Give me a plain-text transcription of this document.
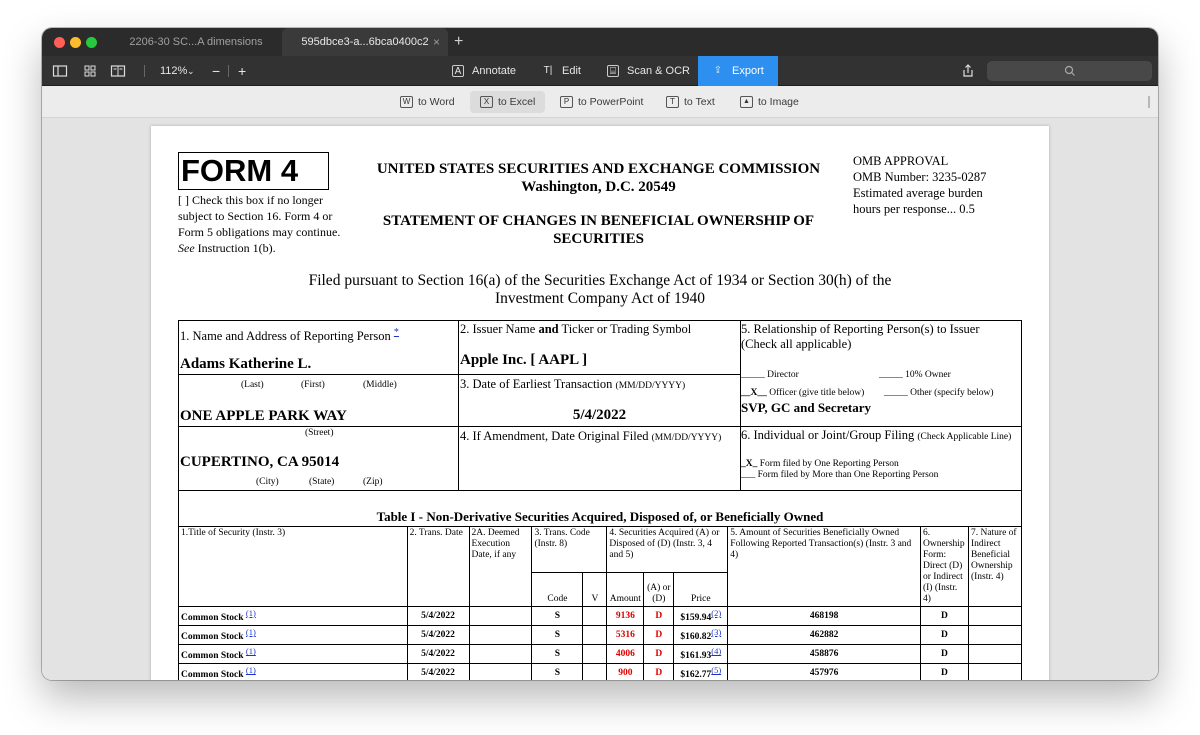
2206-30 SC...A dimensions	595dbce3-a...6bca0400c2 × +
112% ⌄ − +	A Annotate	T| Edit	⌸ Scan & OCR ⇪ Export
W to Word	X to Excel	P to PowerPoint	T to Text	▲ to Image
FORM 4
[ ] Check this box if no longer subject to Section 16. Form 4 or Form 5 obligations may continue. See Instruction 1(b).
UNITED STATES SECURITIES AND EXCHANGE COMMISSION
Washington, D.C. 20549
STATEMENT OF CHANGES IN BENEFICIAL OWNERSHIP OF SECURITIES
OMB APPROVAL
OMB Number: 3235-0287
Estimated average burden
hours per response... 0.5
Filed pursuant to Section 16(a) of the Securities Exchange Act of 1934 or Section 30(h) of the Investment Company Act of 1940
1. Name and Address of Reporting Person *
Adams Katherine L.
(Last)	(First)	(Middle)
ONE APPLE PARK WAY
(Street)
CUPERTINO, CA 95014
(City)	(State)	(Zip)
2. Issuer Name and Ticker or Trading Symbol
Apple Inc. [ AAPL ]
3. Date of Earliest Transaction (MM/DD/YYYY)
5/4/2022
4. If Amendment, Date Original Filed (MM/DD/YYYY)
5. Relationship of Reporting Person(s) to Issuer
(Check all applicable)
_____ Director	_____ 10% Owner
__X__ Officer (give title below) _____ Other (specify below)
SVP, GC and Secretary
6. Individual or Joint/Group Filing (Check Applicable Line)
_X_ Form filed by One Reporting Person
___ Form filed by More than One Reporting Person
Table I - Non-Derivative Securities Acquired, Disposed of, or Beneficially Owned
1.Title of Security (Instr. 3)	2. Trans. Date	2A. Deemed Execution Date, if any	3. Trans. Code (Instr. 8)		4. Securities Acquired (A) or Disposed of (D) (Instr. 3, 4 and 5)			5. Amount of Securities Beneficially Owned Following Reported Transaction(s) (Instr. 3 and 4)	6. Ownership Form: Direct (D) or Indirect (I) (Instr. 4)	7. Nature of Indirect Beneficial Ownership (Instr. 4)
			Code	V	Amount	(A) or (D)	Price			
Common Stock (1)	5/4/2022		S		9136	D	$159.94(2)	468198	D	
Common Stock (1)	5/4/2022		S		5316	D	$160.82(3)	462882	D	
Common Stock (1)	5/4/2022		S		4006	D	$161.93(4)	458876	D	
Common Stock (1)	5/4/2022		S		900	D	$162.77(5)	457976	D	
